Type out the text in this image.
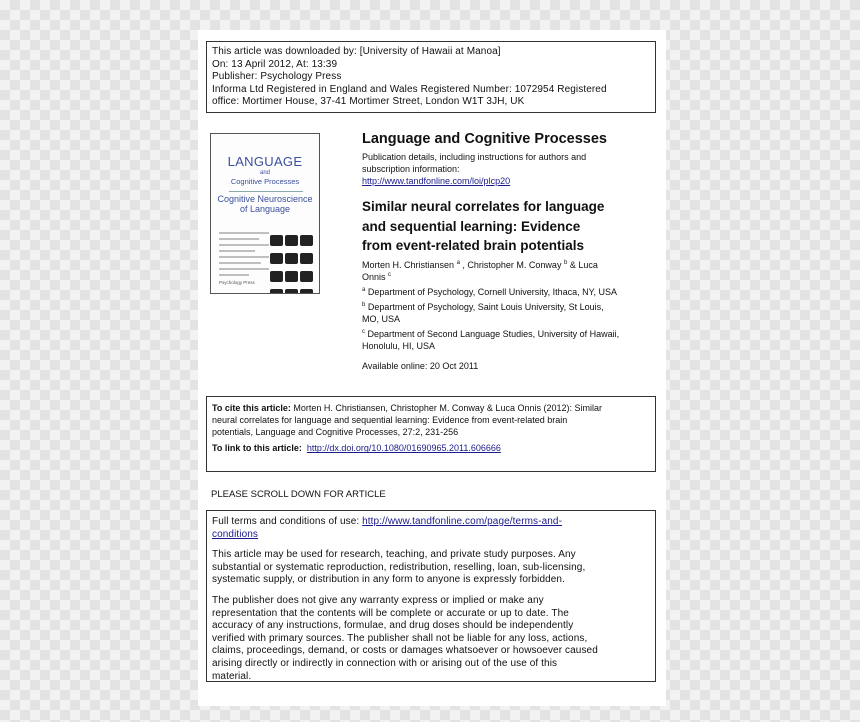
This article was downloaded by: [University of Hawaii at Manoa]
On: 13 April 2012, At: 13:39
Publisher: Psychology Press
Informa Ltd Registered in England and Wales Registered Number: 1072954 Registered
office: Mortimer House, 37-41 Mortimer Street, London W1T 3JH, UK
LANGUAGE
and
Cognitive Processes
Cognitive Neuroscience
of Language
Psychology Press
Language and Cognitive Processes
Publication details, including instructions for authors and
subscription information:
http://www.tandfonline.com/loi/plcp20
Similar neural correlates for language
and sequential learning: Evidence
from event-related brain potentials
Morten H. Christiansen $^a$ , Christopher M. Conway $^b$ & Luca
Onnis $^c$
$^a$ Department of Psychology, Cornell University, Ithaca, NY, USA
$^b$ Department of Psychology, Saint Louis University, St Louis,
MO, USA
$^c$ Department of Second Language Studies, University of Hawaii,
Honolulu, HI, USA
Available online: 20 Oct 2011
To cite this article: Morten H. Christiansen, Christopher M. Conway & Luca Onnis (2012): Similar
neural correlates for language and sequential learning: Evidence from event-related brain
potentials, Language and Cognitive Processes, 27:2, 231-256
To link to this article: http://dx.doi.org/10.1080/01690965.2011.606666
PLEASE SCROLL DOWN FOR ARTICLE

Full terms and conditions of use: http://www.tandfonline.com/page/terms-and-
conditions

This article may be used for research, teaching, and private study purposes. Any
substantial or systematic reproduction, redistribution, reselling, loan, sub-licensing,
systematic supply, or distribution in any form to anyone is expressly forbidden.

The publisher does not give any warranty express or implied or make any
representation that the contents will be complete or accurate or up to date. The
accuracy of any instructions, formulae, and drug doses should be independently
verified with primary sources. The publisher shall not be liable for any loss, actions,
claims, proceedings, demand, or costs or damages whatsoever or howsoever caused
arising directly or indirectly in connection with or arising out of the use of this
material.
